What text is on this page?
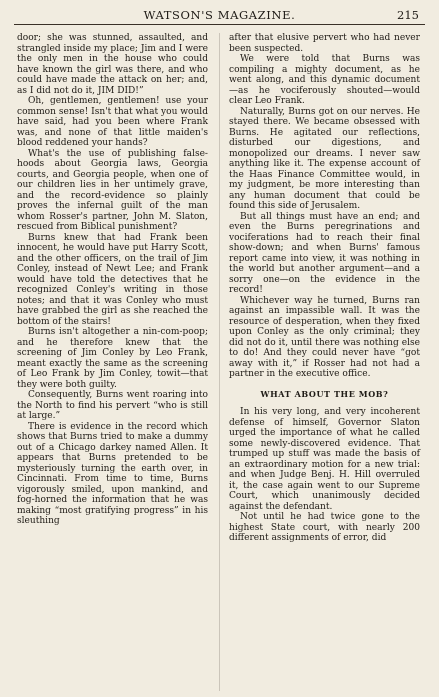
WATSON'S MAGAZINE.	215

door; she was stunned, assaulted, and strangled inside my place; Jim and I were the only men in the house who could have known the girl was there, and who could have made the attack on her; and, as I did not do it, JIM DID!”

Oh, gentlemen, gentlemen! use your common sense! Isn't that what you would have said, had you been where Frank was, and none of that little maiden's blood reddened your hands?

What's the use of publishing false-hoods about Georgia laws, Georgia courts, and Georgia people, when one of our children lies in her untimely grave, and the record-evidence so plainly proves the infernal guilt of the man whom Rosser's partner, John M. Slaton, rescued from Biblical punishment?

Burns knew that had Frank been innocent, he would have put Harry Scott, and the other officers, on the trail of Jim Conley, instead of Newt Lee; and Frank would have told the detectives that he recognized Conley's writing in those notes; and that it was Conley who must have grabbed the girl as she reached the bottom of the stairs!

Burns isn't altogether a nin-com-poop; and he therefore knew that the screening of Jim Conley by Leo Frank, meant exactly the same as the screening of Leo Frank by Jim Conley, towit—that they were both guilty.

Consequently, Burns went roaring into the North to find his pervert “who is still at large.”

There is evidence in the record which shows that Burns tried to make a dummy out of a Chicago darkey named Allen. It appears that Burns pretended to be mysteriously turning the earth over, in Cincinnati. From time to time, Burns vigorously smiled, upon mankind, and fog-horned the information that he was making “most gratifying progress” in his sleuthing

after that elusive pervert who had never been suspected.

We were told that Burns was compiling a mighty document, as he went along, and this dynamic document—as he vociferously shouted—would clear Leo Frank.

Naturally, Burns got on our nerves. He stayed there. We became obsessed with Burns. He agitated our reflections, disturbed our digestions, and monopolized our dreams. I never saw anything like it. The expense account of the Haas Finance Committee would, in my judgment, be more interesting than any human document that could be found this side of Jerusalem.

But all things must have an end; and even the Burns peregrinations and vociferations had to reach their final show-down; and when Burns' famous report came into view, it was nothing in the world but another argument—and a sorry one—on the evidence in the record!

Whichever way he turned, Burns ran against an impassible wall. It was the resource of desperation, when they fixed upon Conley as the only criminal; they did not do it, until there was nothing else to do! And they could never have “got away with it,” if Rosser had not had a partner in the executive office.

WHAT ABOUT THE MOB?

In his very long, and very incoherent defense of himself, Governor Slaton urged the importance of what he called some newly-discovered evidence. That trumped up stuff was made the basis of an extraordinary motion for a new trial: and when Judge Benj. H. Hill overruled it, the case again went to our Supreme Court, which unanimously decided against the defendant.

Not until he had twice gone to the highest State court, with nearly 200 different assignments of error, did
